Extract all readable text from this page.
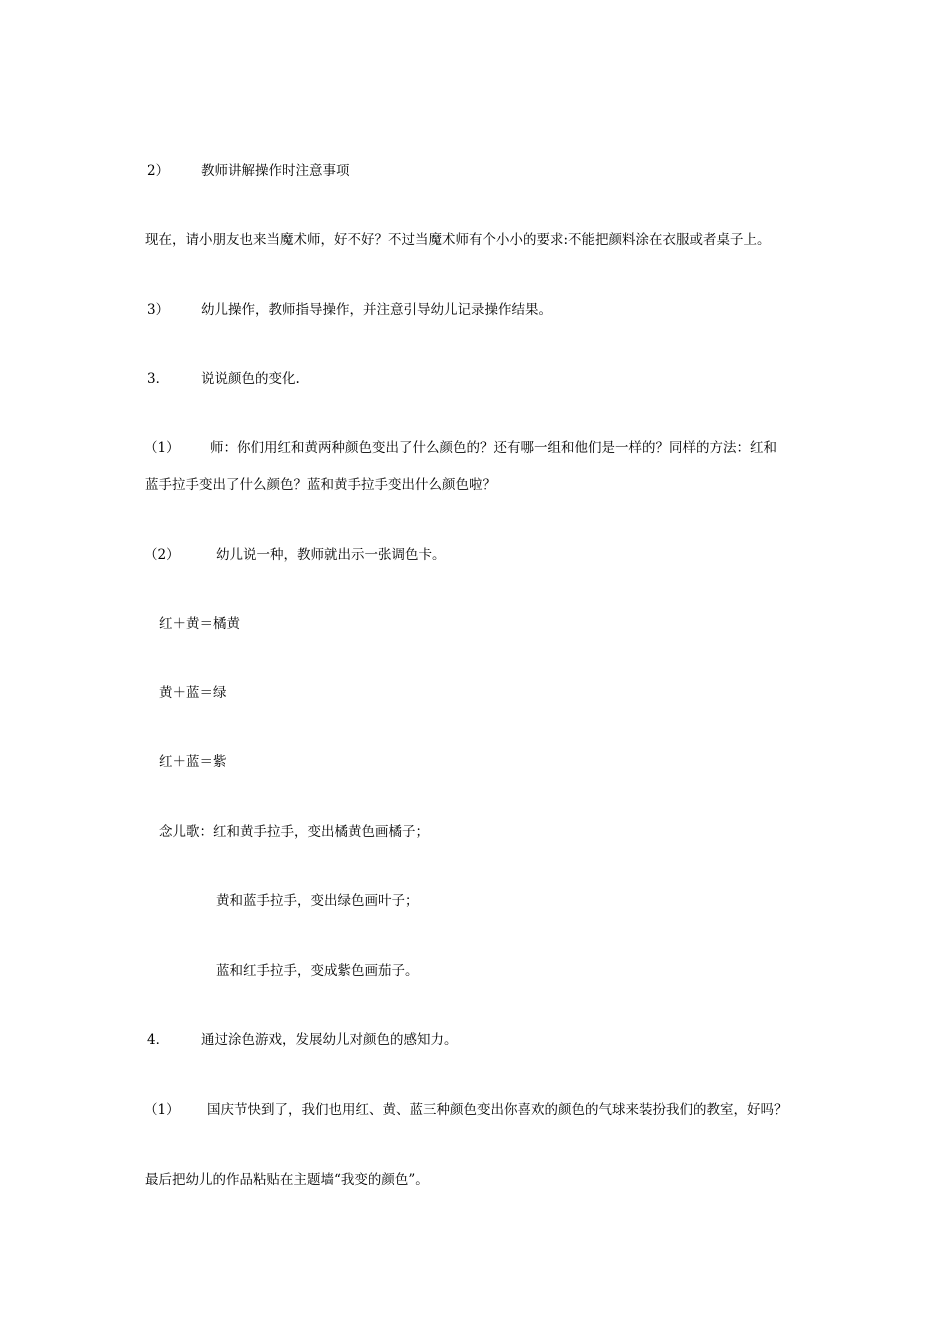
2） 教师讲解操作时注意事项
现在，请小朋友也来当魔术师，好不好？不过当魔术师有个小小的要求:不能把颜料涂在衣服或者桌子上。
3） 幼儿操作，教师指导操作，并注意引导幼儿记录操作结果。
3． 说说颜色的变化.
（1） 师：你们用红和黄两种颜色变出了什么颜色的？还有哪一组和他们是一样的？同样的方法：红和
蓝手拉手变出了什么颜色？蓝和黄手拉手变出什么颜色啦？
（2）	幼儿说一种，教师就出示一张调色卡。
红＋黄＝橘黄
黄＋蓝＝绿
红＋蓝＝紫
念儿歌：红和黄手拉手，变出橘黄色画橘子；
黄和蓝手拉手，变出绿色画叶子；
蓝和红手拉手，变成紫色画茄子。
4． 通过涂色游戏，发展幼儿对颜色的感知力。
（1） 国庆节快到了，我们也用红、黄、蓝三种颜色变出你喜欢的颜色的气球来装扮我们的教室，好吗？
最后把幼儿的作品粘贴在主题墙“我变的颜色”。
